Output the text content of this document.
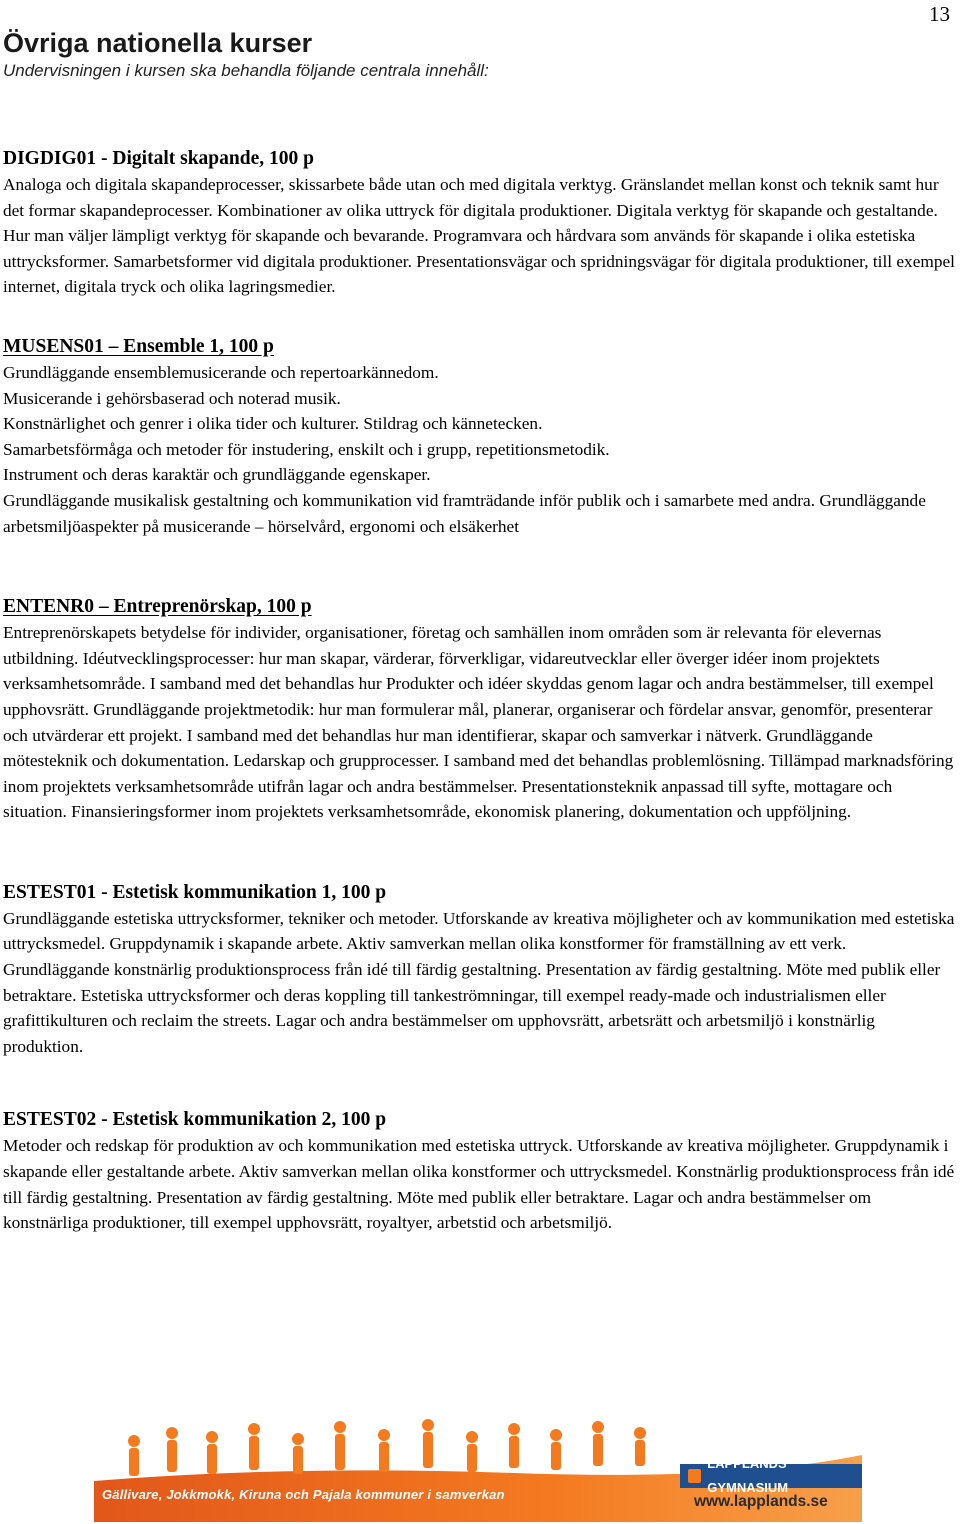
13
Övriga nationella kurser

Undervisningen i kursen ska behandla följande centrala innehåll:

DIGDIG01 - Digitalt skapande, 100 p

Analoga och digitala skapandeprocesser, skissarbete både utan och med digitala verktyg. Gränslandet mellan konst och teknik samt hur det formar skapandeprocesser. Kombinationer av olika uttryck för digitala produktioner. Digitala verktyg för skapande och gestaltande. Hur man väljer lämpligt verktyg för skapande och bevarande. Programvara och hårdvara som används för skapande i olika estetiska uttrycksformer. Samarbetsformer vid digitala produktioner. Presentationsvägar och spridningsvägar för digitala produktioner, till exempel internet, digitala tryck och olika lagringsmedier.

MUSENS01 – Ensemble 1, 100 p

Grundläggande ensemblemusicerande och repertoarkännedom.
Musicerande i gehörsbaserad och noterad musik.
Konstnärlighet och genrer i olika tider och kulturer. Stildrag och kännetecken.
Samarbetsförmåga och metoder för instudering, enskilt och i grupp, repetitionsmetodik.
Instrument och deras karaktär och grundläggande egenskaper.
Grundläggande musikalisk gestaltning och kommunikation vid framträdande inför publik och i samarbete med andra. Grundläggande arbetsmiljöaspekter på musicerande – hörselvård, ergonomi och elsäkerhet

ENTENR0 – Entreprenörskap, 100 p

Entreprenörskapets betydelse för individer, organisationer, företag och samhällen inom områden som är relevanta för elevernas utbildning. Idéutvecklingsprocesser: hur man skapar, värderar, förverkligar, vidareutvecklar eller överger idéer inom projektets verksamhetsområde. I samband med det behandlas hur Produkter och idéer skyddas genom lagar och andra bestämmelser, till exempel upphovsrätt. Grundläggande projektmetodik: hur man formulerar mål, planerar, organiserar och fördelar ansvar, genomför, presenterar och utvärderar ett projekt. I samband med det behandlas hur man identifierar, skapar och samverkar i nätverk. Grundläggande mötesteknik och dokumentation. Ledarskap och grupprocesser. I samband med det behandlas problemlösning. Tillämpad marknadsföring inom projektets verksamhetsområde utifrån lagar och andra bestämmelser. Presentationsteknik anpassad till syfte, mottagare och situation. Finansieringsformer inom projektets verksamhetsområde, ekonomisk planering, dokumentation och uppföljning.

ESTEST01 - Estetisk kommunikation 1, 100 p

Grundläggande estetiska uttrycksformer, tekniker och metoder. Utforskande av kreativa möjligheter och av kommunikation med estetiska uttrycksmedel. Gruppdynamik i skapande arbete. Aktiv samverkan mellan olika konstformer för framställning av ett verk. Grundläggande konstnärlig produktionsprocess från idé till färdig gestaltning. Presentation av färdig gestaltning. Möte med publik eller betraktare. Estetiska uttrycksformer och deras koppling till tankeströmningar, till exempel ready-made och industrialismen eller grafittikulturen och reclaim the streets. Lagar och andra bestämmelser om upphovsrätt, arbetsrätt och arbetsmiljö i konstnärlig produktion.

ESTEST02 - Estetisk kommunikation 2, 100 p

Metoder och redskap för produktion av och kommunikation med estetiska uttryck. Utforskande av kreativa möjligheter. Gruppdynamik i skapande eller gestaltande arbete. Aktiv samverkan mellan olika konstformer och uttrycksmedel. Konstnärlig produktionsprocess från idé till färdig gestaltning. Presentation av färdig gestaltning. Möte med publik eller betraktare. Lagar och andra bestämmelser om konstnärliga produktioner, till exempel upphovsrätt, royaltyer, arbetstid och arbetsmiljö.

Gällivare, Jokkmokk, Kiruna och Pajala kommuner i samverkan
LAPPLANDS GYMNASIUM
www.lapplands.se
